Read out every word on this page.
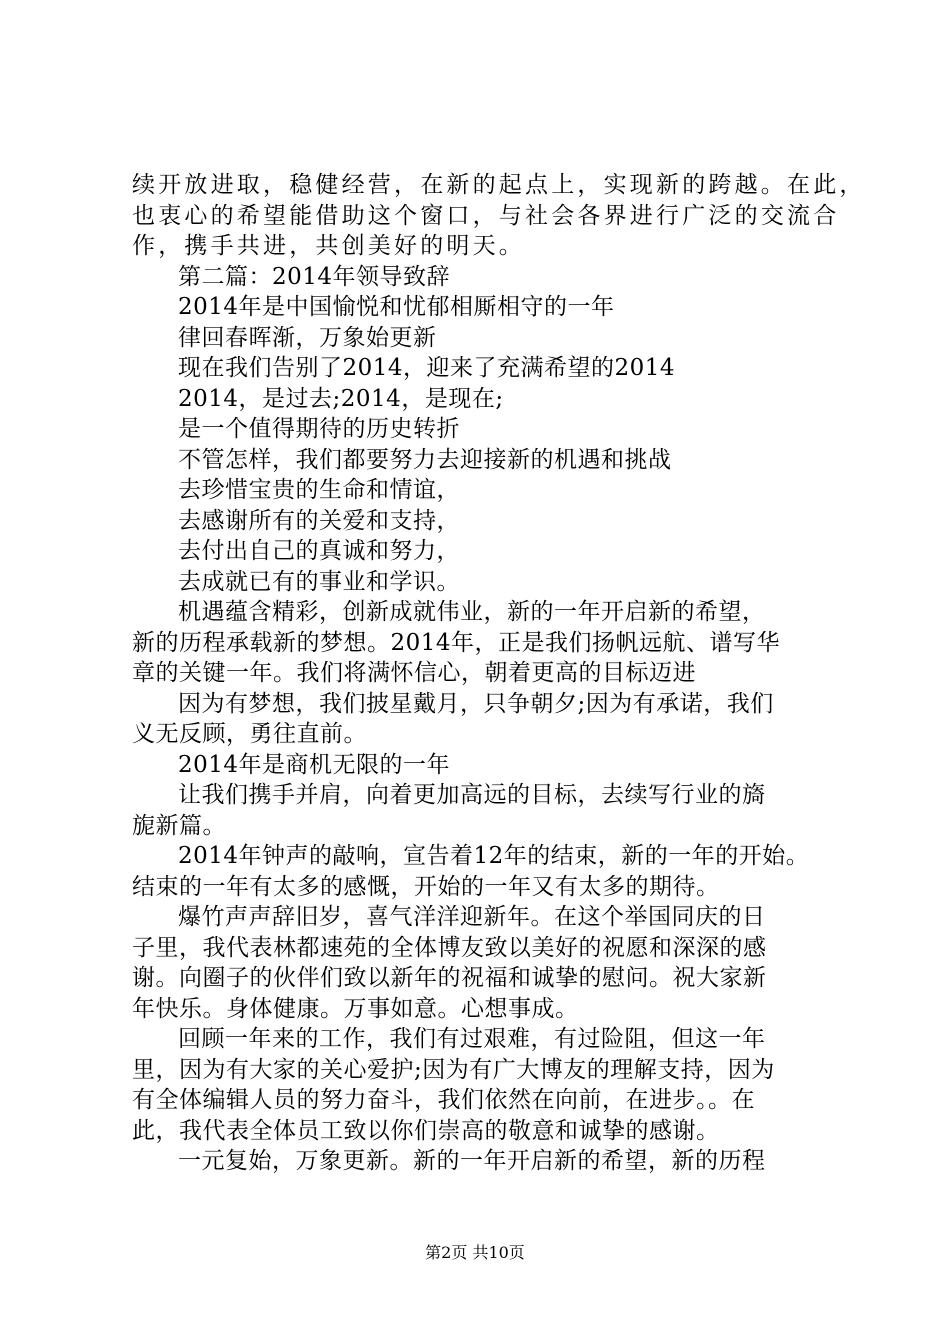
续开放进取，稳健经营，在新的起点上，实现新的跨越。在此，
也衷心的希望能借助这个窗口，与社会各界进行广泛的交流合
作，携手共进，共创美好的明天。
第二篇：2014年领导致辞
2014年是中国愉悦和忧郁相厮相守的一年
律回春晖渐，万象始更新
现在我们告别了2014，迎来了充满希望的2014
2014，是过去;2014，是现在;
是一个值得期待的历史转折
不管怎样，我们都要努力去迎接新的机遇和挑战
去珍惜宝贵的生命和情谊，
去感谢所有的关爱和支持，
去付出自己的真诚和努力，
去成就已有的事业和学识。
机遇蕴含精彩，创新成就伟业，新的一年开启新的希望，
新的历程承载新的梦想。2014年，正是我们扬帆远航、谱写华
章的关键一年。我们将满怀信心，朝着更高的目标迈进
因为有梦想，我们披星戴月，只争朝夕;因为有承诺，我们
义无反顾，勇往直前。
2014年是商机无限的一年
让我们携手并肩，向着更加高远的目标，去续写行业的旖
旎新篇。
2014年钟声的敲响，宣告着12年的结束，新的一年的开始。
结束的一年有太多的感慨，开始的一年又有太多的期待。
爆竹声声辞旧岁，喜气洋洋迎新年。在这个举国同庆的日
子里，我代表林都速苑的全体博友致以美好的祝愿和深深的感
谢。向圈子的伙伴们致以新年的祝福和诚挚的慰问。祝大家新
年快乐。身体健康。万事如意。心想事成。
回顾一年来的工作，我们有过艰难，有过险阻，但这一年
里，因为有大家的关心爱护;因为有广大博友的理解支持，因为
有全体编辑人员的努力奋斗，我们依然在向前，在进步。。在
此，我代表全体员工致以你们崇高的敬意和诚挚的感谢。
一元复始，万象更新。新的一年开启新的希望，新的历程
第2页 共10页
